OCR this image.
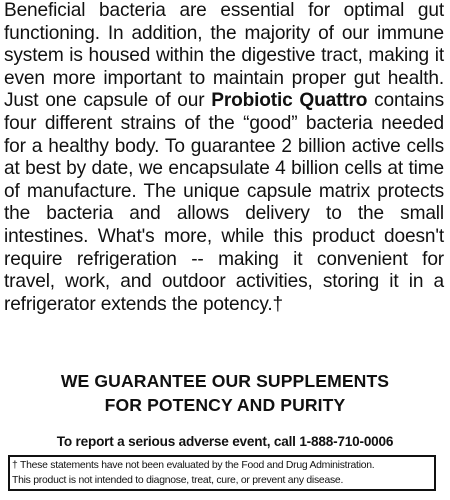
Beneficial bacteria are essential for optimal gut functioning. In addition, the majority of our immune system is housed within the digestive tract, making it even more important to maintain proper gut health. Just one capsule of our Probiotic Quattro contains four different strains of the “good” bacteria needed for a healthy body. To guarantee 2 billion active cells at best by date, we encapsulate 4 billion cells at time of manufacture. The unique capsule matrix protects the bacteria and allows delivery to the small intestines. What's more, while this product doesn't require refrigeration -- making it convenient for travel, work, and outdoor activities, storing it in a refrigerator extends the potency.†

WE GUARANTEE OUR SUPPLEMENTS
FOR POTENCY AND PURITY
To report a serious adverse event, call 1-888-710-0006
† These statements have not been evaluated by the Food and Drug Administration.
This product is not intended to diagnose, treat, cure, or prevent any disease.
